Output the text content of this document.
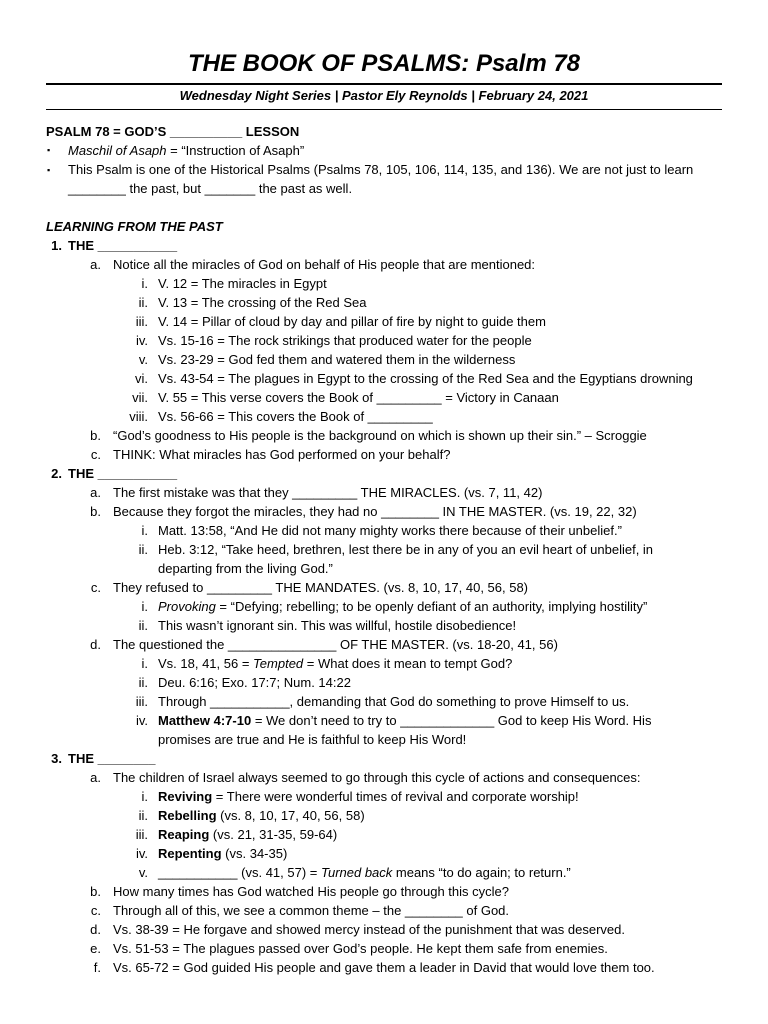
THE BOOK OF PSALMS: Psalm 78
Wednesday Night Series | Pastor Ely Reynolds | February 24, 2021
PSALM 78 = GOD’S __________ LESSON
▪ Maschil of Asaph = “Instruction of Asaph”
▪ This Psalm is one of the Historical Psalms (Psalms 78, 105, 106, 114, 135, and 136). We are not just to learn
________ the past, but _______ the past as well.
LEARNING FROM THE PAST
1. THE ___________
a. Notice all the miracles of God on behalf of His people that are mentioned:
i. V. 12 = The miracles in Egypt
ii. V. 13 = The crossing of the Red Sea
iii. V. 14 = Pillar of cloud by day and pillar of fire by night to guide them
iv. Vs. 15-16 = The rock strikings that produced water for the people
v. Vs. 23-29 = God fed them and watered them in the wilderness
vi. Vs. 43-54 = The plagues in Egypt to the crossing of the Red Sea and the Egyptians drowning
vii. V. 55 = This verse covers the Book of _________ = Victory in Canaan
viii. Vs. 56-66 = This covers the Book of _________
b. “God’s goodness to His people is the background on which is shown up their sin.” – Scroggie
c. THINK: What miracles has God performed on your behalf?
2. THE ___________
a. The first mistake was that they _________ THE MIRACLES. (vs. 7, 11, 42)
b. Because they forgot the miracles, they had no ________ IN THE MASTER. (vs. 19, 22, 32)
i. Matt. 13:58, “And He did not many mighty works there because of their unbelief.”
ii. Heb. 3:12, “Take heed, brethren, lest there be in any of you an evil heart of unbelief, in
departing from the living God.”
c. They refused to _________ THE MANDATES. (vs. 8, 10, 17, 40, 56, 58)
i. Provoking = “Defying; rebelling; to be openly defiant of an authority, implying hostility”
ii. This wasn’t ignorant sin. This was willful, hostile disobedience!
d. The questioned the _______________ OF THE MASTER. (vs. 18-20, 41, 56)
i. Vs. 18, 41, 56 = Tempted = What does it mean to tempt God?
ii. Deu. 6:16; Exo. 17:7; Num. 14:22
iii. Through ___________, demanding that God do something to prove Himself to us.
iv. Matthew 4:7-10 = We don’t need to try to _____________ God to keep His Word. His
promises are true and He is faithful to keep His Word!
3. THE ________
a. The children of Israel always seemed to go through this cycle of actions and consequences:
i. Reviving = There were wonderful times of revival and corporate worship!
ii. Rebelling (vs. 8, 10, 17, 40, 56, 58)
iii. Reaping (vs. 21, 31-35, 59-64)
iv. Repenting (vs. 34-35)
v. ___________ (vs. 41, 57) = Turned back means “to do again; to return.”
b. How many times has God watched His people go through this cycle?
c. Through all of this, we see a common theme – the ________ of God.
d. Vs. 38-39 = He forgave and showed mercy instead of the punishment that was deserved.
e. Vs. 51-53 = The plagues passed over God’s people. He kept them safe from enemies.
f. Vs. 65-72 = God guided His people and gave them a leader in David that would love them too.
